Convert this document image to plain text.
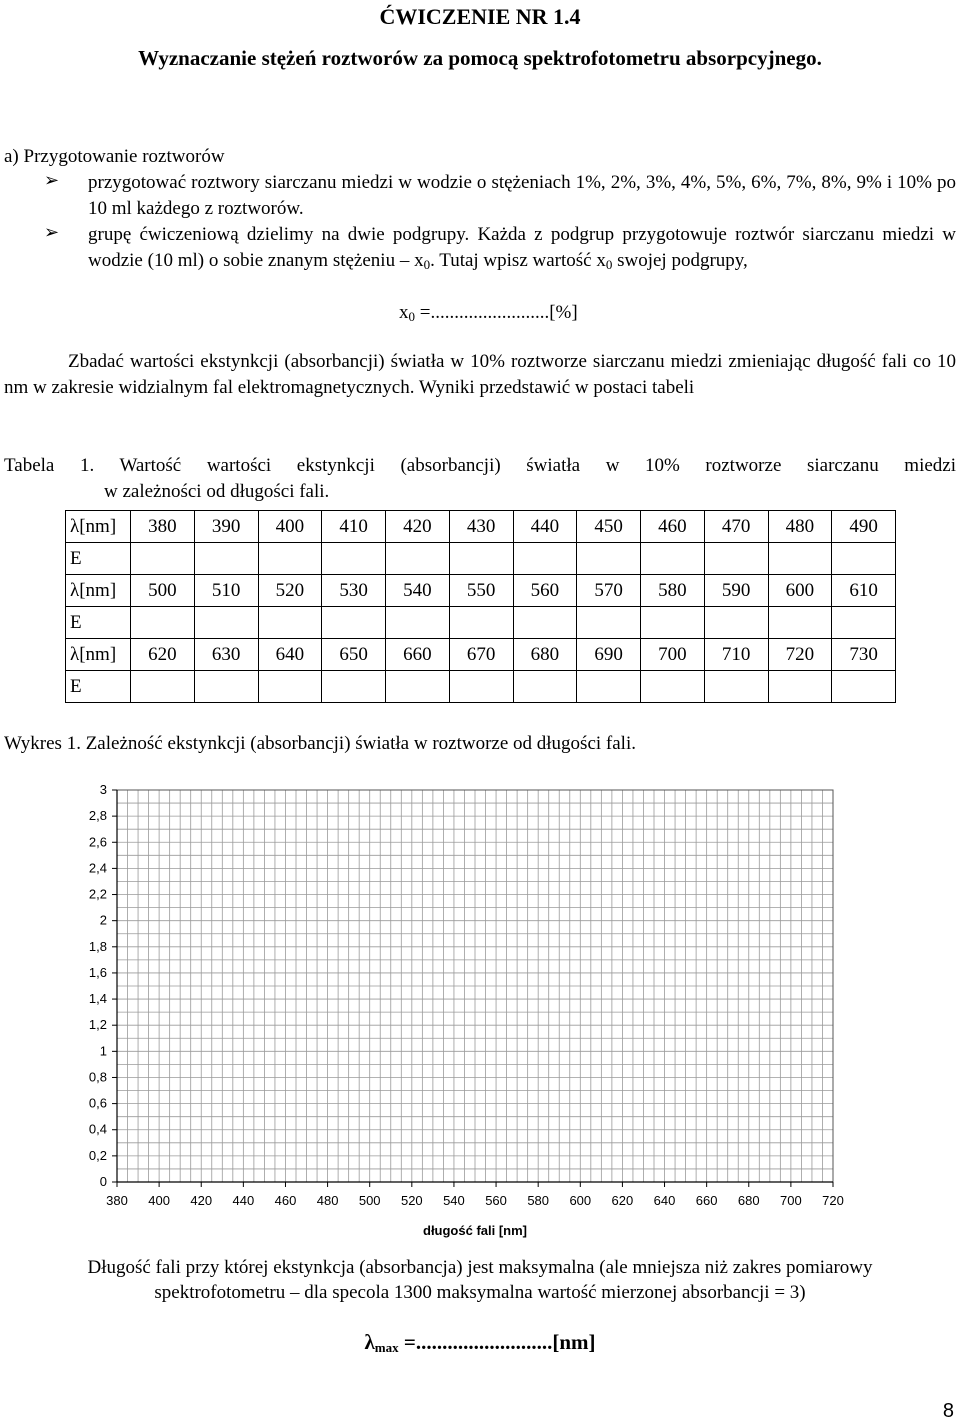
ĆWICZENIE NR 1.4
Wyznaczanie stężeń roztworów za pomocą spektrofotometru absorpcyjnego.
a) Przygotowanie roztworów
➢ przygotować roztwory siarczanu miedzi w wodzie o stężeniach 1%, 2%, 3%, 4%, 5%, 6%, 7%, 8%, 9% i 10% po 10 ml każdego z roztworów.
➢ grupę ćwiczeniową dzielimy na dwie podgrupy. Każda z podgrup przygotowuje roztwór siarczanu miedzi w wodzie (10 ml) o sobie znanym stężeniu – $x_0$. Tutaj wpisz wartość $x_0$ swojej podgrupy,
$x_0$ =.........................[%]
Zbadać wartości ekstynkcji (absorbancji) światła w 10% roztworze siarczanu miedzi zmieniając długość fali co 10 nm w zakresie widzialnym fal elektromagnetycznych. Wyniki przedstawić w postaci tabeli
Tabela 1. Wartość wartości ekstynkcji (absorbancji) światła w 10% roztworze siarczanu miedzi
w zależności od długości fali.
λ[nm]	380	390	400	410	420	430	440	450	460	470	480	490
E												
λ[nm]	500	510	520	530	540	550	560	570	580	590	600	610
E												
λ[nm]	620	630	640	650	660	670	680	690	700	710	720	730
E												
Wykres 1. Zależność ekstynkcji (absorbancji) światła w roztworze od długości fali.
0
0,2
0,4
0,6
0,8
1
1,2
1,4
1,6
1,8
2
2,2
2,4
2,6
2,8
3
380 400 420 440 460 480 500 520 540 560 580 600 620 640 660 680 700 720
długość fali [nm]
Długość fali przy której ekstynkcja (absorbancja) jest maksymalna (ale mniejsza niż zakres pomiarowy
spektrofotometru – dla specola 1300 maksymalna wartość mierzonej absorbancji = 3)
$\lambda_{max} =..........................[nm]$
8
